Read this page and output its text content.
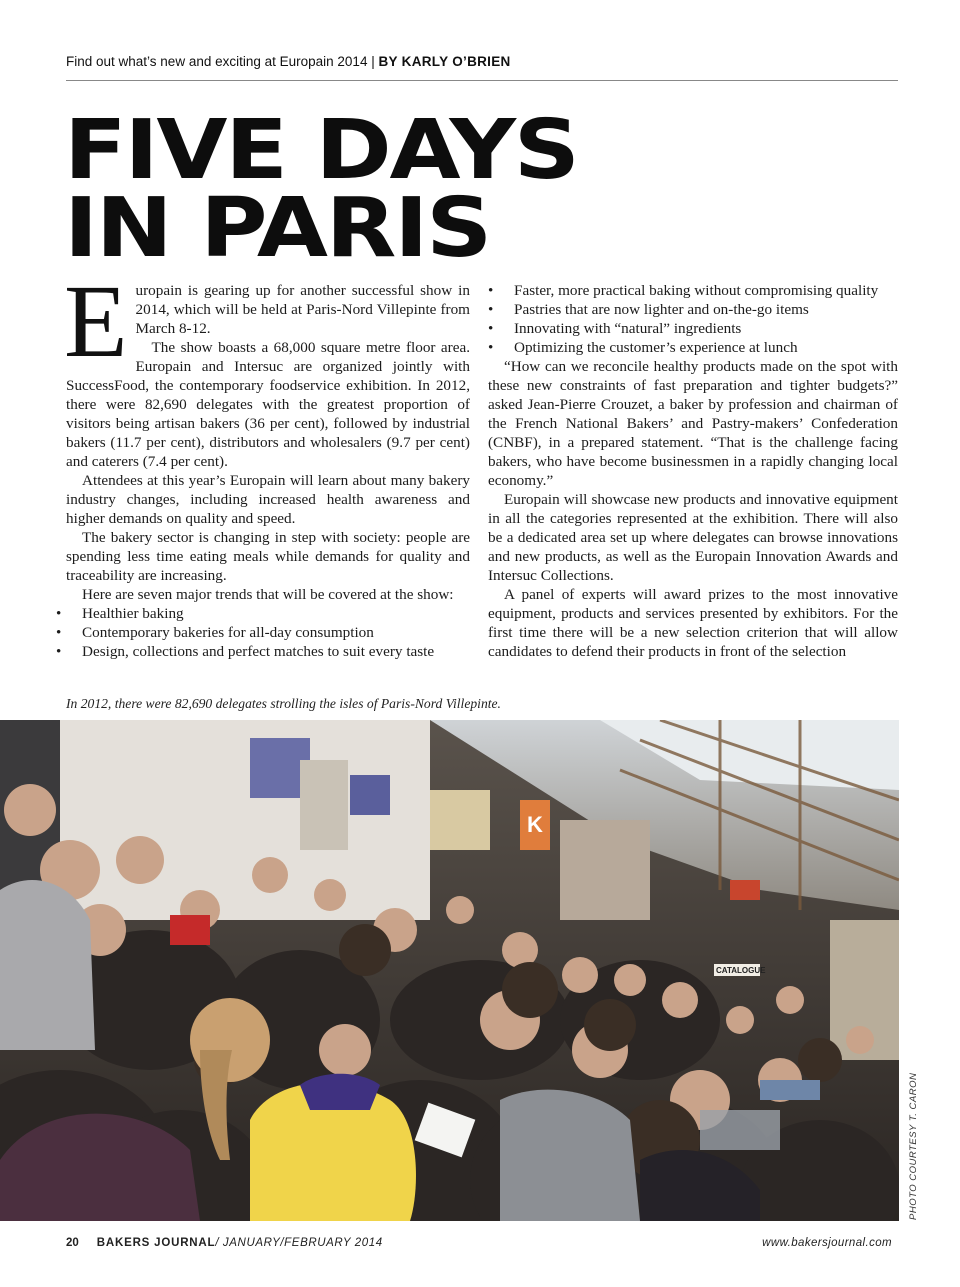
Find out what’s new and exciting at Europain 2014 | BY KARLY O’BRIEN
FIVE DAYS
IN PARIS

Europain is gearing up for another successful show in 2014, which will be held at Paris-Nord Villepinte from March 8-12.

The show boasts a 68,000 square metre floor area. Europain and Intersuc are organized jointly with SuccessFood, the contemporary foodservice exhibition. In 2012, there were 82,690 delegates with the greatest proportion of visitors being artisan bakers (36 per cent), followed by industrial bakers (11.7 per cent), distributors and wholesalers (9.7 per cent) and caterers (7.4 per cent).

Attendees at this year’s Europain will learn about many bakery industry changes, including increased health awareness and higher demands on quality and speed.

The bakery sector is changing in step with society: people are spending less time eating meals while demands for quality and traceability are increasing.

Here are seven major trends that will be covered at the show:

• Healthier baking
• Contemporary bakeries for all-day consumption
• Design, collections and perfect matches to suit every taste
• Faster, more practical baking without compromising quality
• Pastries that are now lighter and on-the-go items
• Innovating with “natural” ingredients
• Optimizing the customer’s experience at lunch

“How can we reconcile healthy products made on the spot with these new constraints of fast preparation and tighter budgets?” asked Jean-Pierre Crouzet, a baker by profession and chairman of the French National Bakers’ and Pastry-makers’ Confederation (CNBF), in a prepared statement. “That is the challenge facing bakers, who have become businessmen in a rapidly changing local economy.”

Europain will showcase new products and innovative equipment in all the categories represented at the exhibition. There will also be a dedicated area set up where delegates can browse innovations and new products, as well as the Europain Innovation Awards and Intersuc Collections.

A panel of experts will award prizes to the most innovative equipment, products and services presented by exhibitors. For the first time there will be a new selection criterion that will allow candidates to defend their products in front of the selection

In 2012, there were 82,690 delegates strolling the isles of Paris-Nord Villepinte.
K
CATALOGUE
PHOTO COURTESY T. CARON
20 BAKERS JOURNAL/ JANUARY/FEBRUARY 2014	www.bakersjournal.com
